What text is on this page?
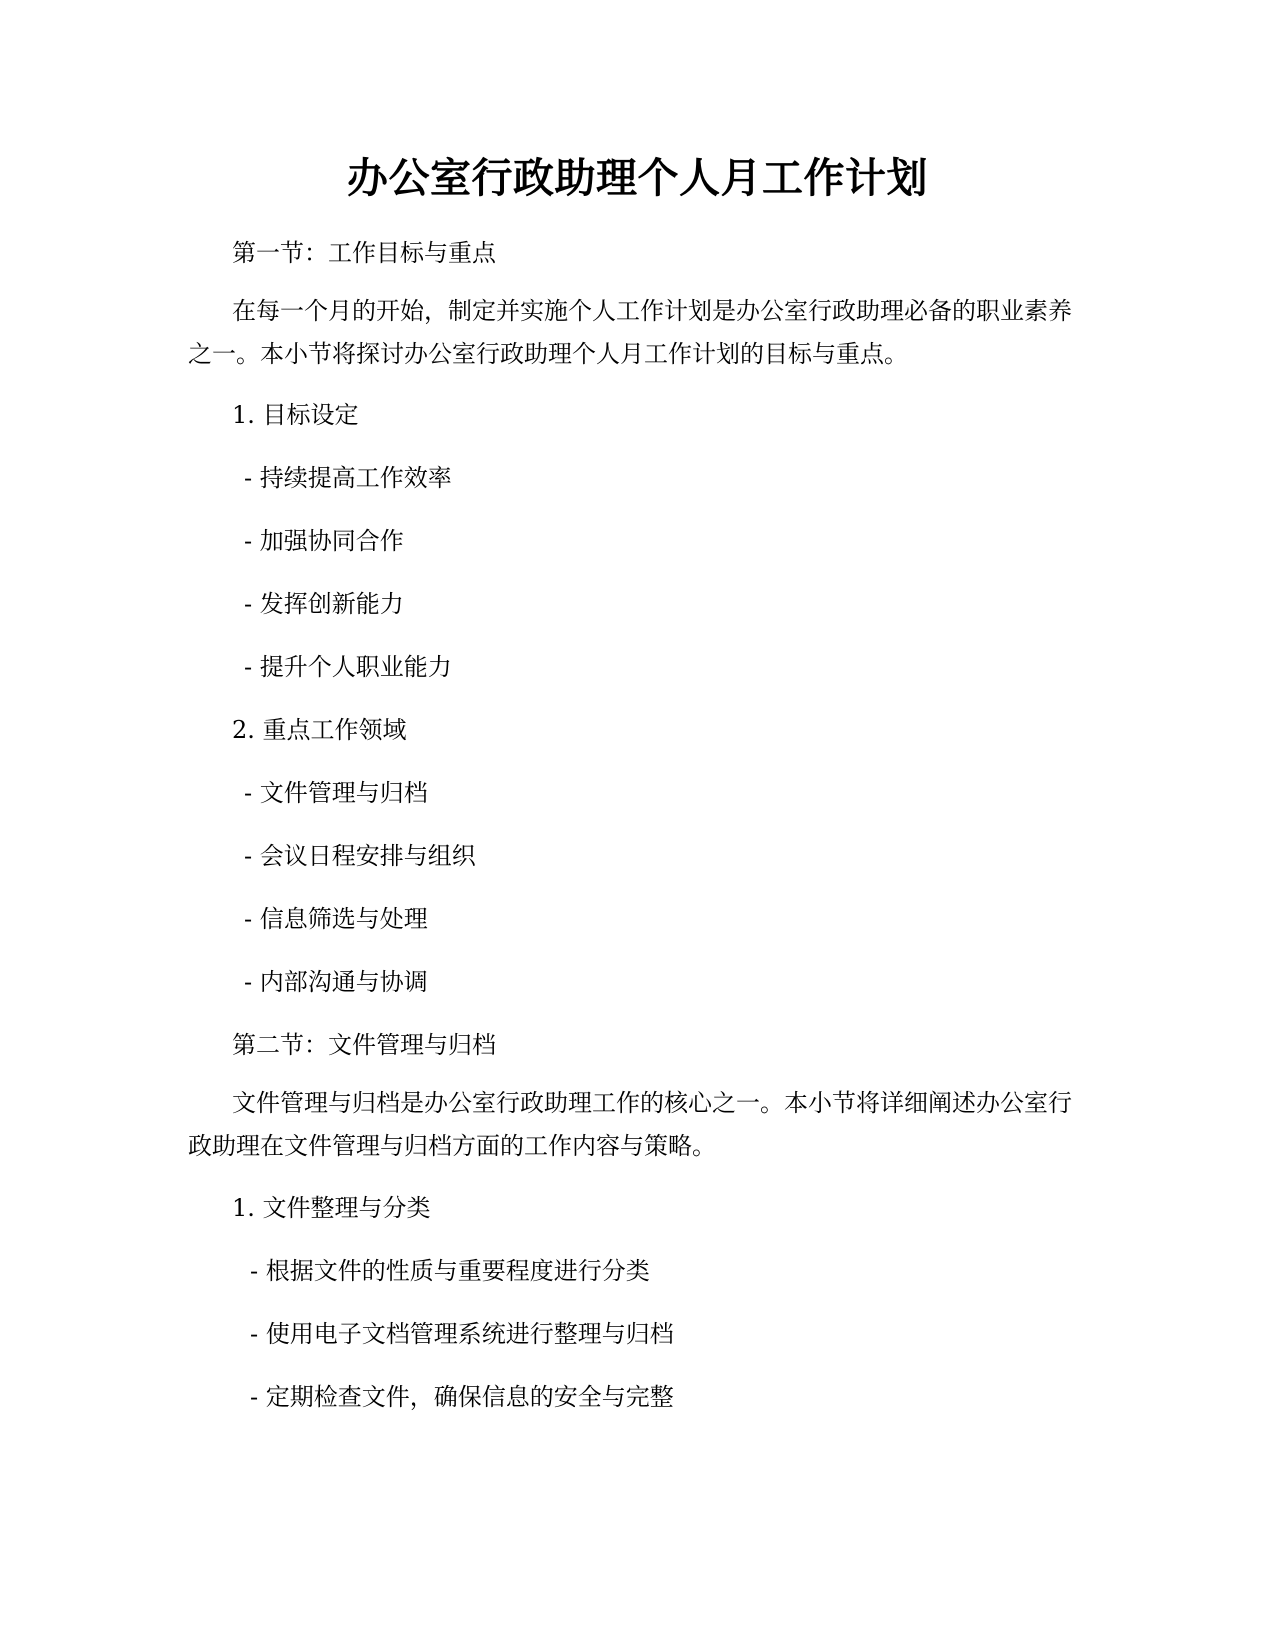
办公室行政助理个人月工作计划
第一节：工作目标与重点
在每一个月的开始，制定并实施个人工作计划是办公室行政助理必备的职业素养之一。本小节将探讨办公室行政助理个人月工作计划的目标与重点。
1. 目标设定
- 持续提高工作效率
- 加强协同合作
- 发挥创新能力
- 提升个人职业能力
2. 重点工作领域
- 文件管理与归档
- 会议日程安排与组织
- 信息筛选与处理
- 内部沟通与协调
第二节：文件管理与归档
文件管理与归档是办公室行政助理工作的核心之一。本小节将详细阐述办公室行政助理在文件管理与归档方面的工作内容与策略。
1. 文件整理与分类
- 根据文件的性质与重要程度进行分类
- 使用电子文档管理系统进行整理与归档
- 定期检查文件，确保信息的安全与完整
